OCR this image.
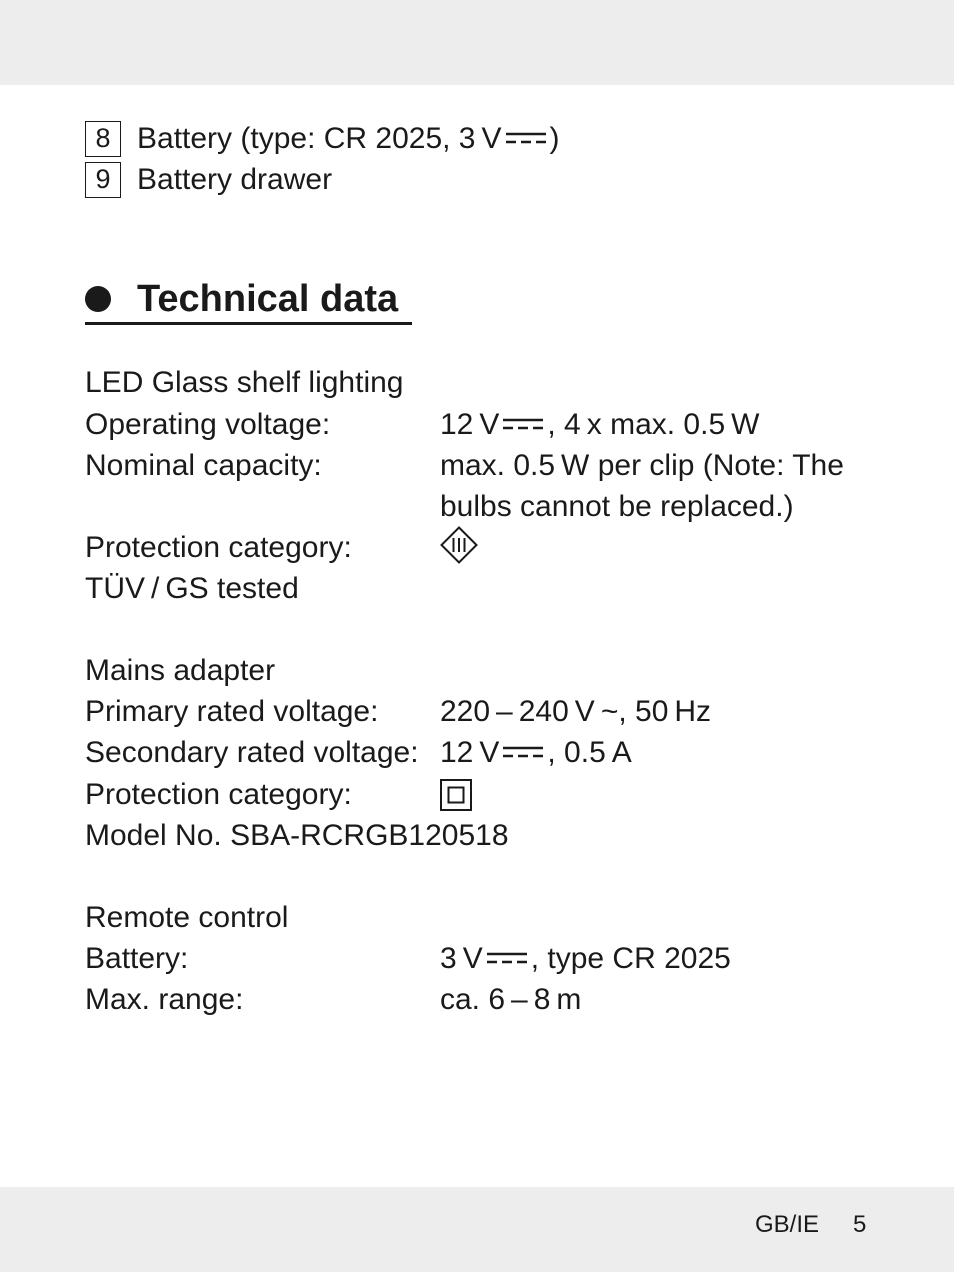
8 Battery (type: CR 2025, 3 V )
9 Battery drawer
Technical data
LED Glass shelf lighting
Operating voltage:	12 V , 4 x max. 0.5 W
Nominal capacity:	max. 0.5 W per clip (Note: The
bulbs cannot be replaced.)
Protection category:
TÜV / GS tested
Mains adapter
Primary rated voltage: 220 – 240 V ~, 50 Hz
Secondary rated voltage: 12 V , 0.5 A
Protection category:
Model No. SBA-RCRGB120518
Remote control
Battery:	3 V , type CR 2025
Max. range:	ca. 6 – 8 m
GB/IE 5
